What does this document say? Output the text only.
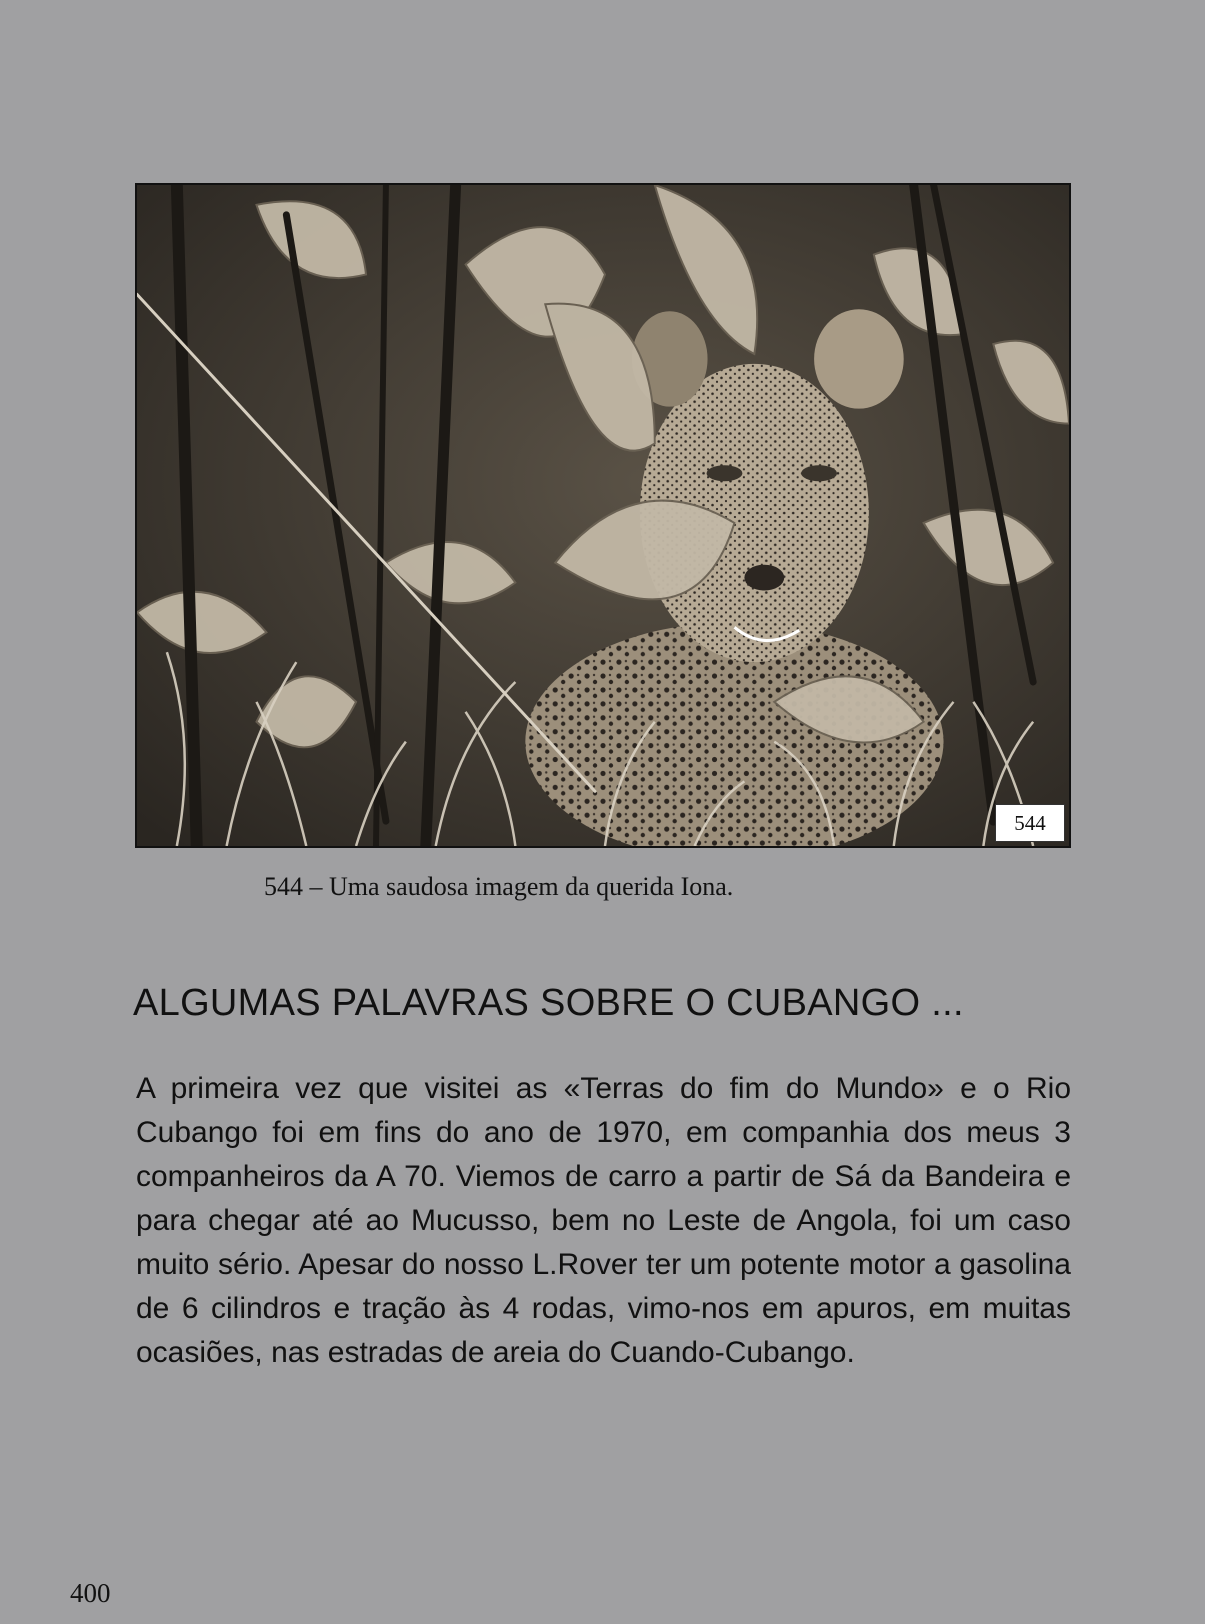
544
544 – Uma saudosa imagem da querida Iona.
ALGUMAS PALAVRAS SOBRE O CUBANGO ...

A primeira vez que visitei as «Terras do fim do Mundo» e o Rio Cubango foi em fins do ano de 1970, em companhia dos meus 3 companheiros da A 70. Viemos de carro a partir de Sá da Bandeira e para chegar até ao Mucusso, bem no Leste de Angola, foi um caso muito sério. Apesar do nosso L.Rover ter um potente motor a gasolina de 6 cilindros e tração às 4 rodas, vimo-nos em apuros, em muitas ocasiões, nas estradas de areia do Cuando-Cubango.

400
